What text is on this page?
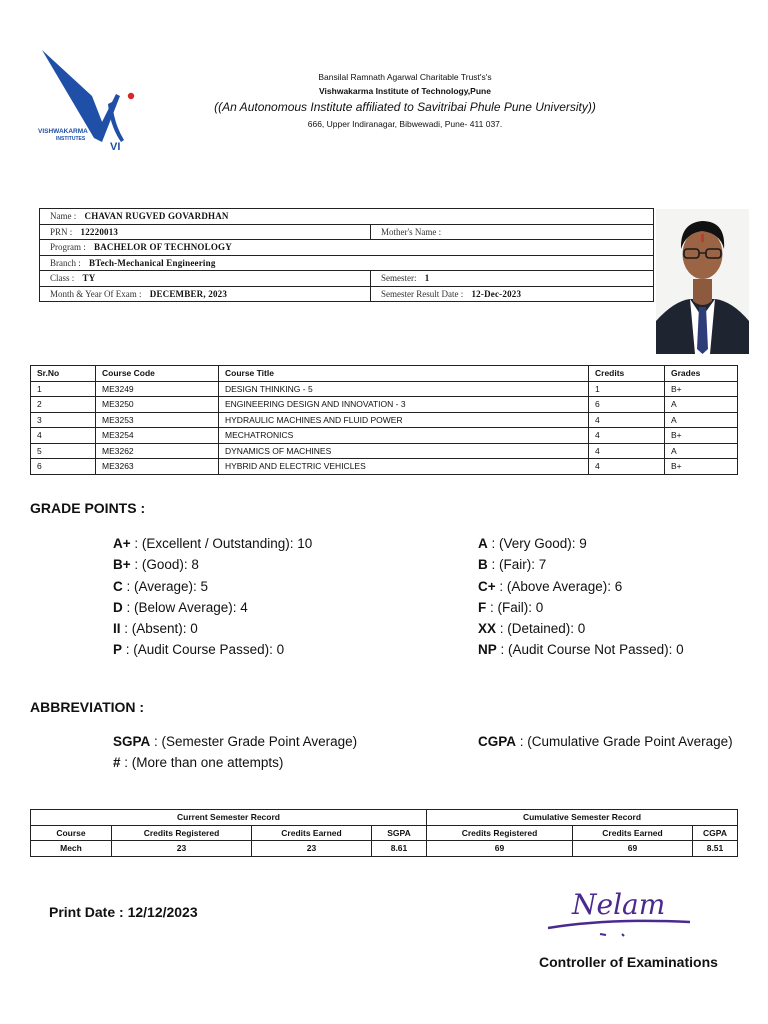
VISHWAKARMA
INSTITUTES
VI
Bansilal Ramnath Agarwal Charitable Trust's's
Vishwakarma Institute of Technology,Pune
((An Autonomous Institute affiliated to Savitribai Phule Pune University))
666, Upper Indiranagar, Bibwewadi, Pune- 411 037.
Name : CHAVAN RUGVED GOVARDHAN	
PRN : 12220013	Mother's Name :
Program : BACHELOR OF TECHNOLOGY	
Branch : BTech-Mechanical Engineering	
Class : TY	Semester: 1
Month & Year Of Exam : DECEMBER, 2023	Semester Result Date : 12-Dec-2023
Sr.No	Course Code	Course Title	Credits	Grades
1	ME3249	DESIGN THINKING - 5	1	B+
2	ME3250	ENGINEERING DESIGN AND INNOVATION - 3	6	A
3	ME3253	HYDRAULIC MACHINES AND FLUID POWER	4	A
4	ME3254	MECHATRONICS	4	B+
5	ME3262	DYNAMICS OF MACHINES	4	A
6	ME3263	HYBRID AND ELECTRIC VEHICLES	4	B+
GRADE POINTS :
A+ : (Excellent / Outstanding): 10
B+ : (Good): 8
C : (Average): 5
D : (Below Average): 4
II : (Absent): 0
P : (Audit Course Passed): 0
A : (Very Good): 9
B : (Fair): 7
C+ : (Above Average): 6
F : (Fail): 0
XX : (Detained): 0
NP : (Audit Course Not Passed): 0
ABBREVIATION :
SGPA : (Semester Grade Point Average)
# : (More than one attempts)
CGPA : (Cumulative Grade Point Average)
Current Semester Record				Cumulative Semester Record		
Course	Credits Registered	Credits Earned	SGPA	Credits Registered	Credits Earned	CGPA
Mech	23	23	8.61	69	69	8.51
Print Date : 12/12/2023	Nelam
Controller of Examinations
